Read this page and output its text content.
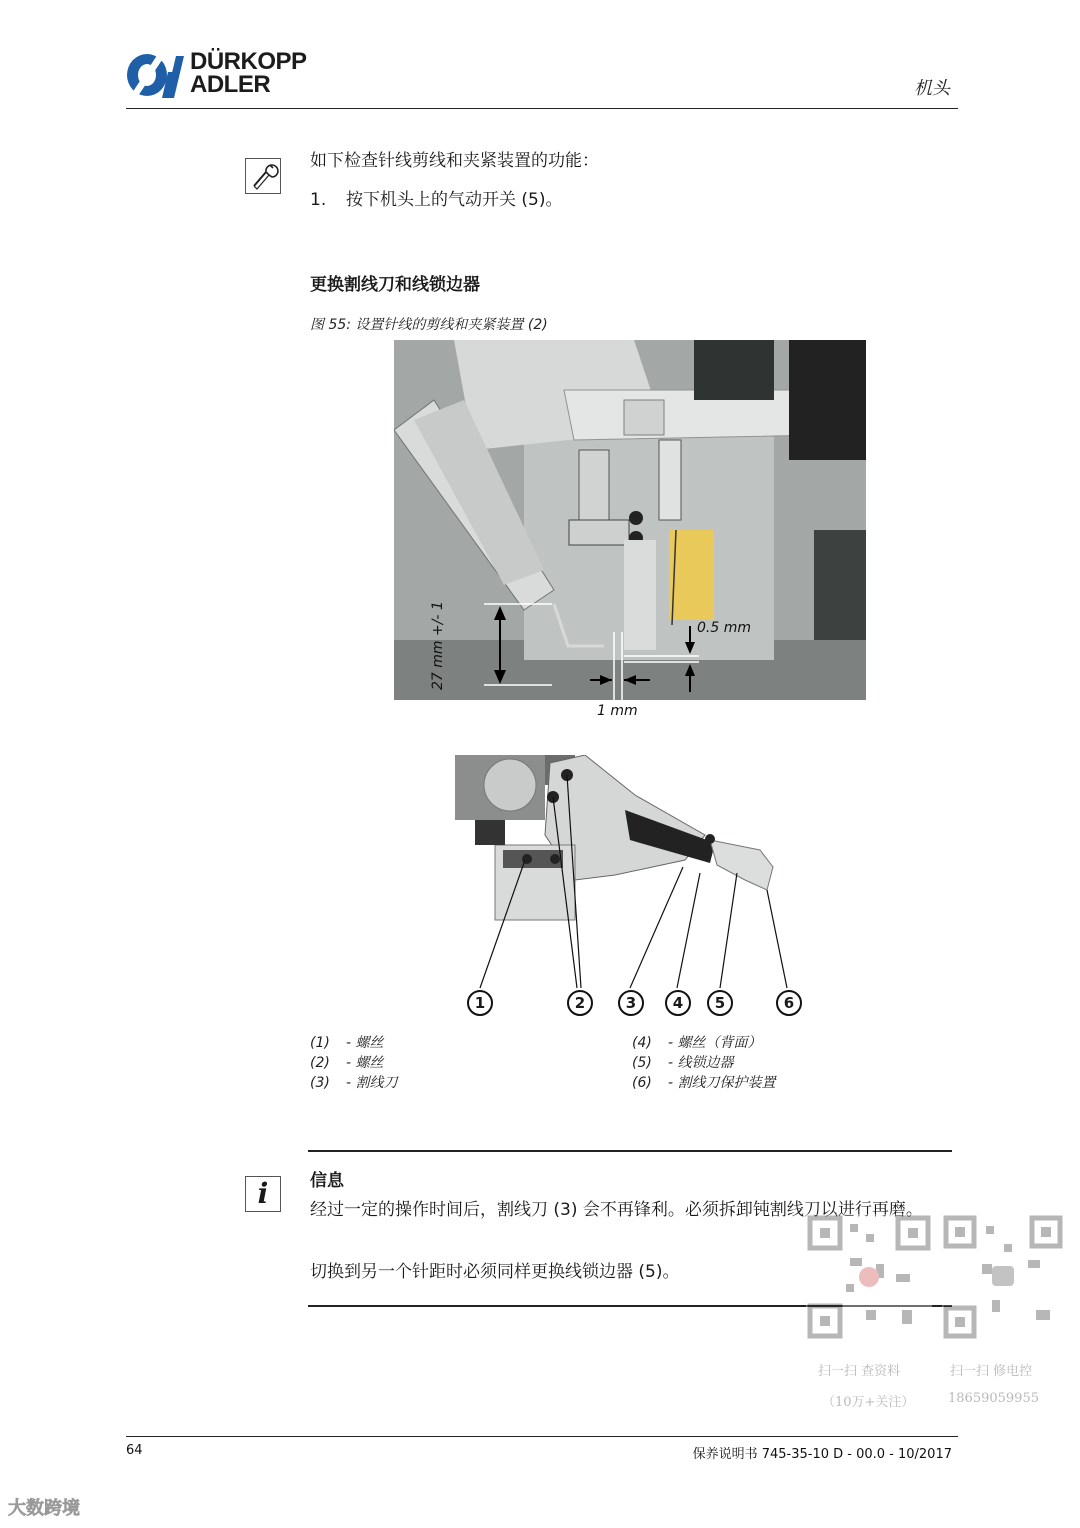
DÜRKOPP
ADLER	机头
如下检查针线剪线和夹紧装置的功能：
1. 按下机头上的气动开关 (5)。
更换割线刀和线锁边器
图 55: 设置针线的剪线和夹紧装置 (2)
27 mm +/- 1	0.5 mm
1 mm
1	2	3	4	5	6
(1) - 螺丝
(2) - 螺丝
(3) - 割线刀
(4) - 螺丝（背面）
(5) - 线锁边器
(6) - 割线刀保护装置
i	信息
经过一定的操作时间后，割线刀 (3) 会不再锋利。必须拆卸钝割线刀以进行再磨。
切换到另一个针距时必须同样更换线锁边器 (5)。
扫一扫 查资料
（10万+关注）
扫一扫 修电控
18659059955
64	保养说明书 745-35-10 D - 00.0 - 10/2017
大数跨境
